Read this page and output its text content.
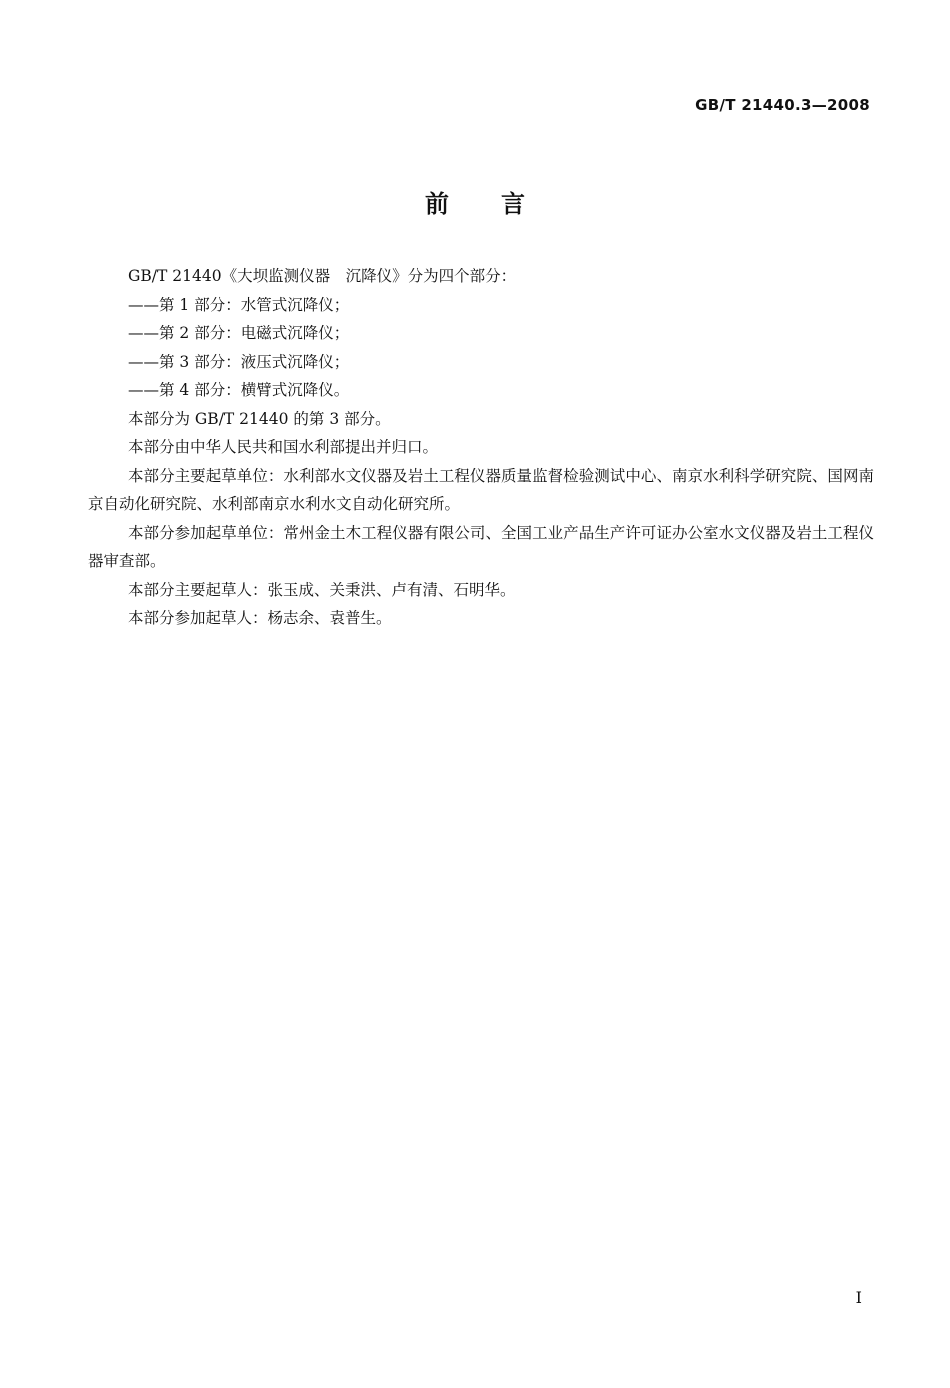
GB/T 21440.3—2008
前言

GB/T 21440《大坝监测仪器　沉降仪》分为四个部分：

——第 1 部分：水管式沉降仪；

——第 2 部分：电磁式沉降仪；

——第 3 部分：液压式沉降仪；

——第 4 部分：横臂式沉降仪。

本部分为 GB/T 21440 的第 3 部分。

本部分由中华人民共和国水利部提出并归口。

本部分主要起草单位：水利部水文仪器及岩土工程仪器质量监督检验测试中心、南京水利科学研究院、国网南京自动化研究院、水利部南京水利水文自动化研究所。

本部分参加起草单位：常州金土木工程仪器有限公司、全国工业产品生产许可证办公室水文仪器及岩土工程仪器审查部。

本部分主要起草人：张玉成、关秉洪、卢有清、石明华。

本部分参加起草人：杨志余、袁普生。

I
